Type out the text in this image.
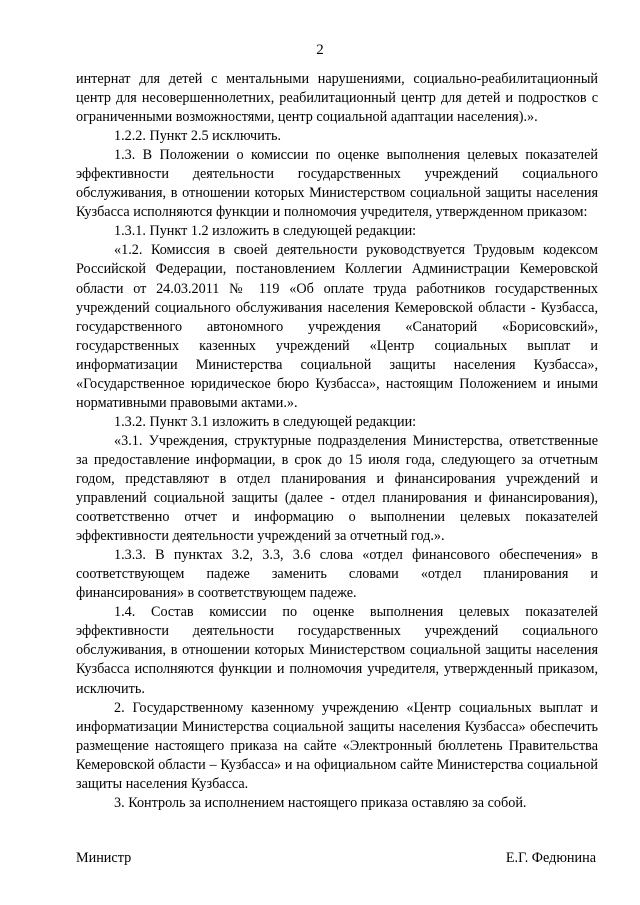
2

интернат для детей с ментальными нарушениями, социально-реабилитационный центр для несовершеннолетних, реабилитационный центр для детей и подростков с ограниченными возможностями, центр социальной адаптации населения).».

1.2.2. Пункт 2.5 исключить.

1.3. В Положении о комиссии по оценке выполнения целевых показателей эффективности деятельности государственных учреждений социального обслуживания, в отношении которых Министерством социальной защиты населения Кузбасса исполняются функции и полномочия учредителя, утвержденном приказом:

1.3.1. Пункт 1.2 изложить в следующей редакции:

«1.2. Комиссия в своей деятельности руководствуется Трудовым кодексом Российской Федерации, постановлением Коллегии Администрации Кемеровской области от 24.03.2011 № 119 «Об оплате труда работников государственных учреждений социального обслуживания населения Кемеровской области - Кузбасса, государственного автономного учреждения «Санаторий «Борисовский», государственных казенных учреждений «Центр социальных выплат и информатизации Министерства социальной защиты населения Кузбасса», «Государственное юридическое бюро Кузбасса», настоящим Положением и иными нормативными правовыми актами.».

1.3.2. Пункт 3.1 изложить в следующей редакции:

«3.1. Учреждения, структурные подразделения Министерства, ответственные за предоставление информации, в срок до 15 июля года, следующего за отчетным годом, представляют в отдел планирования и финансирования учреждений и управлений социальной защиты (далее - отдел планирования и финансирования), соответственно отчет и информацию о выполнении целевых показателей эффективности деятельности учреждений за отчетный год.».

1.3.3. В пунктах 3.2, 3.3, 3.6 слова «отдел финансового обеспечения» в соответствующем падеже заменить словами «отдел планирования и финансирования» в соответствующем падеже.

1.4. Состав комиссии по оценке выполнения целевых показателей эффективности деятельности государственных учреждений социального обслуживания, в отношении которых Министерством социальной защиты населения Кузбасса исполняются функции и полномочия учредителя, утвержденный приказом, исключить.

2. Государственному казенному учреждению «Центр социальных выплат и информатизации Министерства социальной защиты населения Кузбасса» обеспечить размещение настоящего приказа на сайте «Электронный бюллетень Правительства Кемеровской области – Кузбасса» и на официальном сайте Министерства социальной защиты населения Кузбасса.

3. Контроль за исполнением настоящего приказа оставляю за собой.

Министр	Е.Г. Федюнина
